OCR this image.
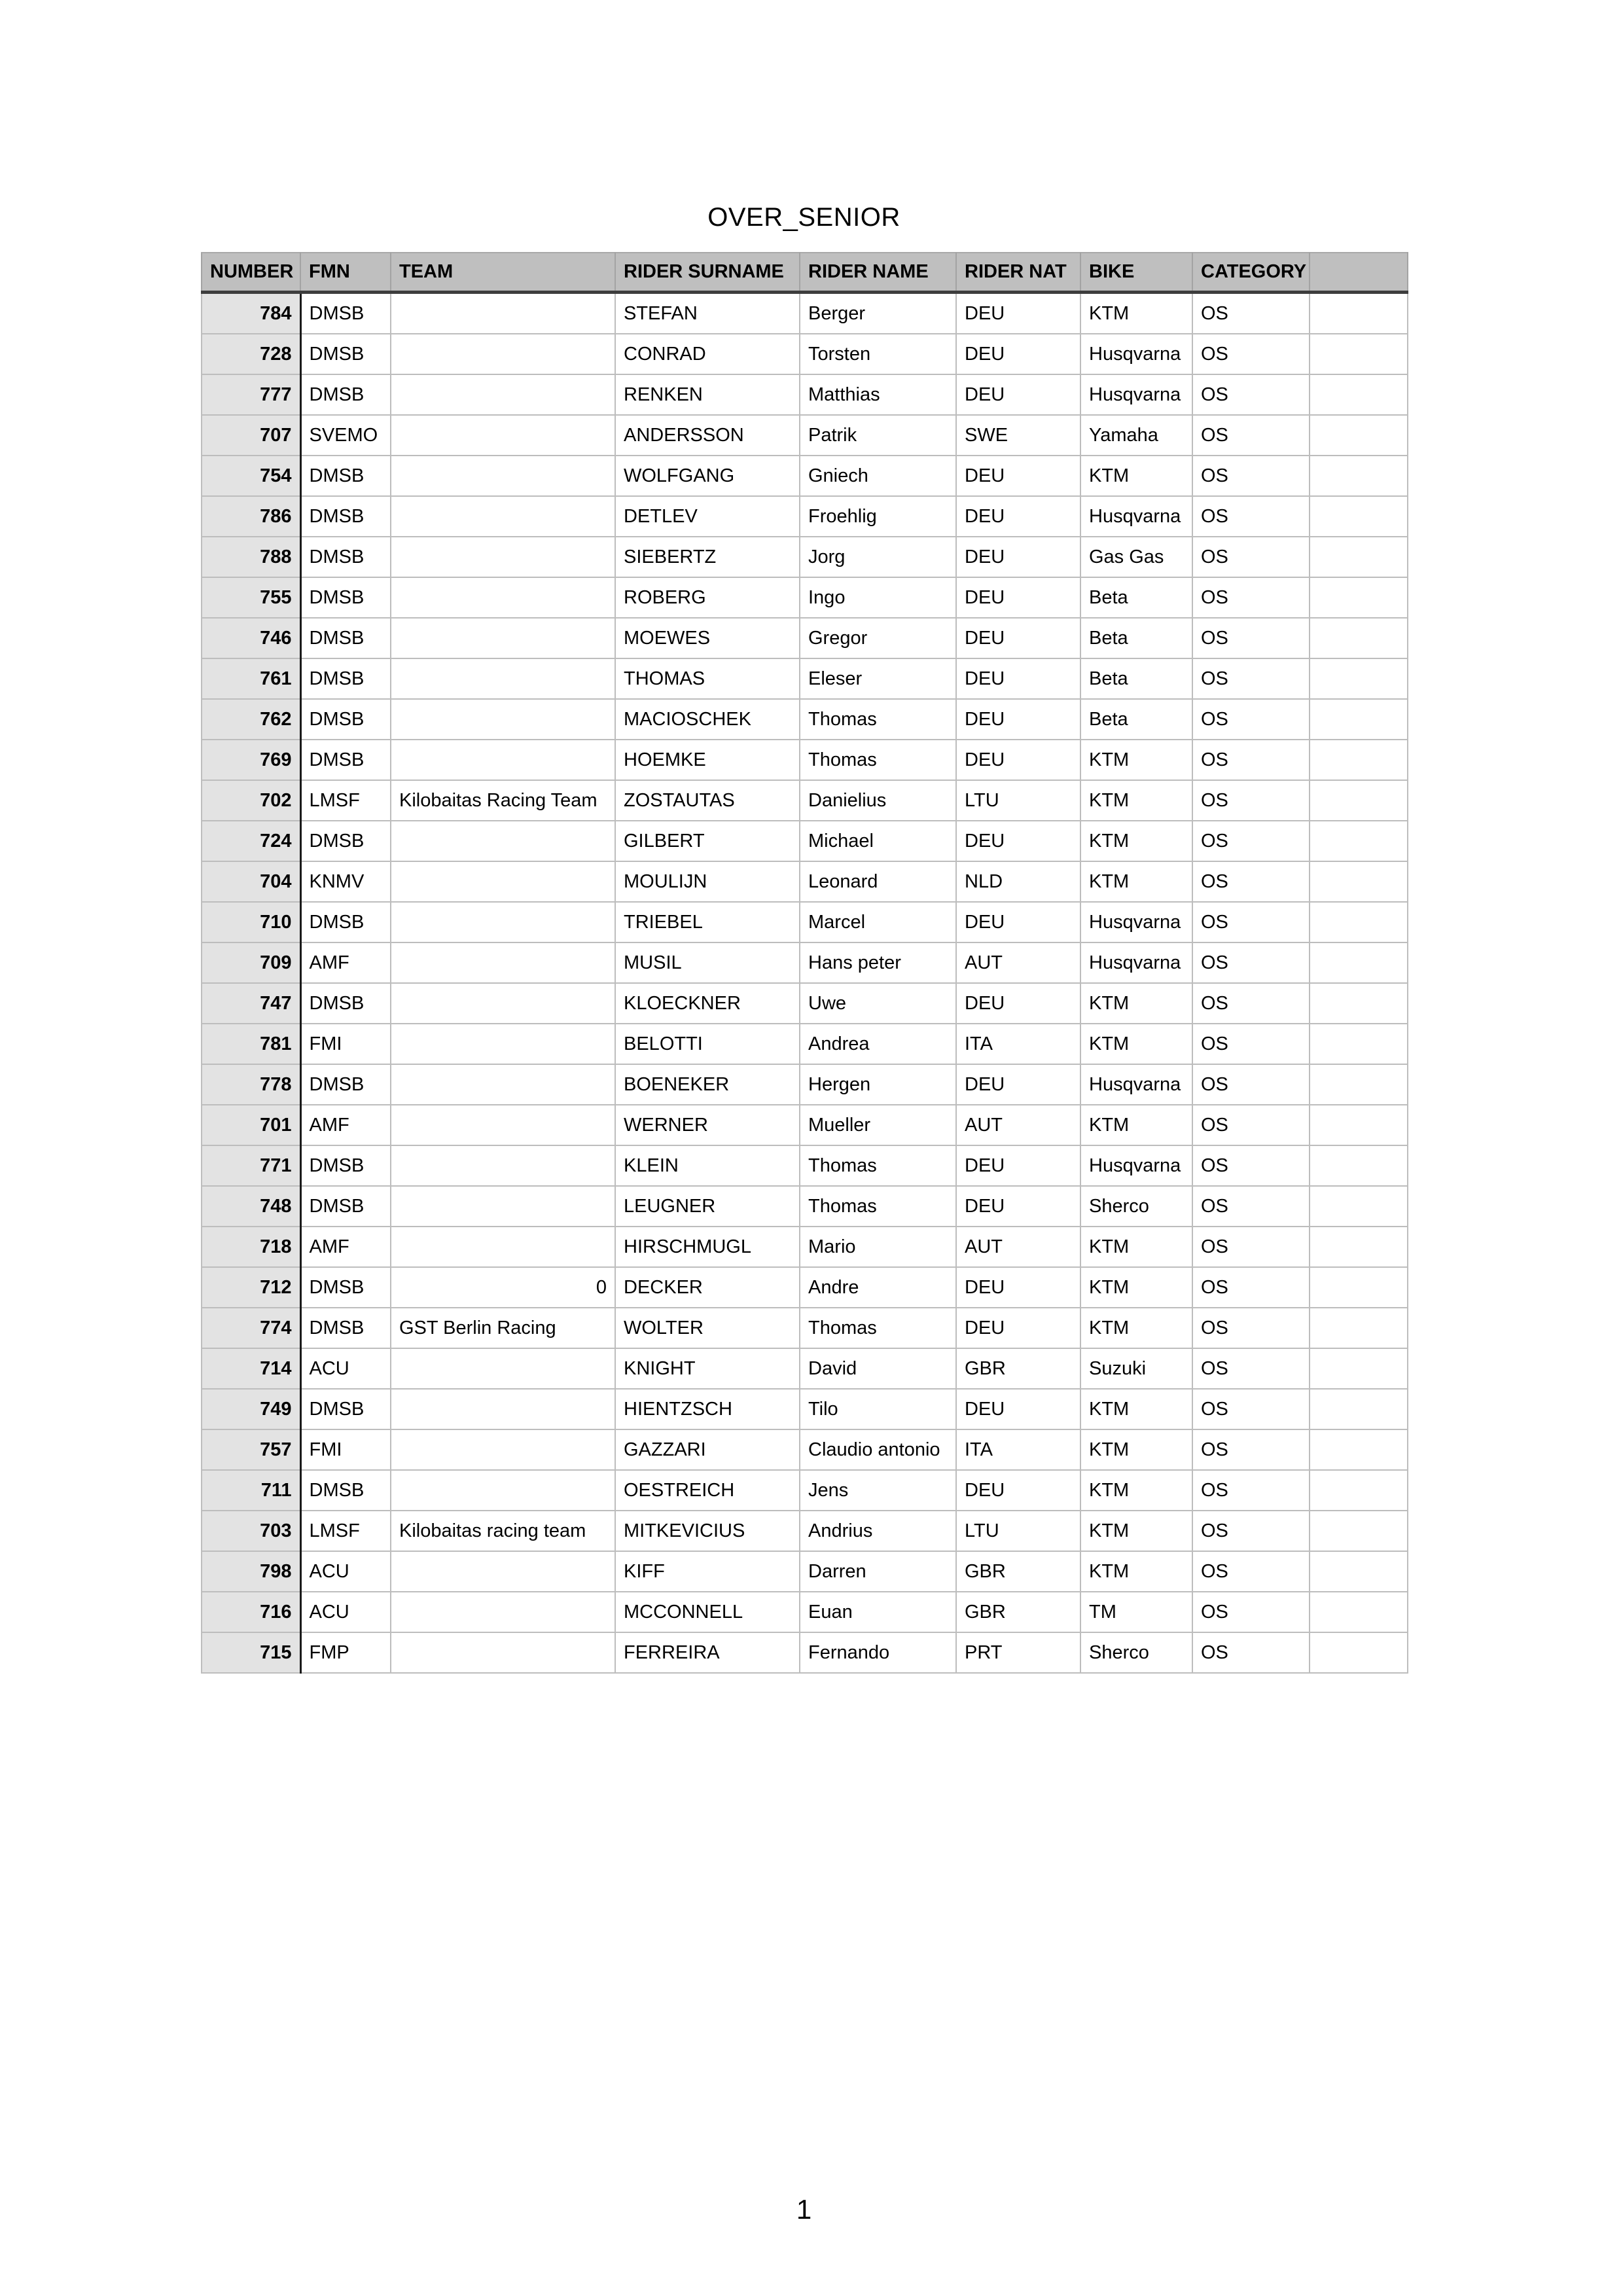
OVER_SENIOR
NUMBER	FMN	TEAM	RIDER SURNAME	RIDER NAME	RIDER NAT	BIKE	CATEGORY	
784	DMSB		STEFAN	Berger	DEU	KTM	OS	
728	DMSB		CONRAD	Torsten	DEU	Husqvarna	OS	
777	DMSB		RENKEN	Matthias	DEU	Husqvarna	OS	
707	SVEMO		ANDERSSON	Patrik	SWE	Yamaha	OS	
754	DMSB		WOLFGANG	Gniech	DEU	KTM	OS	
786	DMSB		DETLEV	Froehlig	DEU	Husqvarna	OS	
788	DMSB		SIEBERTZ	Jorg	DEU	Gas Gas	OS	
755	DMSB		ROBERG	Ingo	DEU	Beta	OS	
746	DMSB		MOEWES	Gregor	DEU	Beta	OS	
761	DMSB		THOMAS	Eleser	DEU	Beta	OS	
762	DMSB		MACIOSCHEK	Thomas	DEU	Beta	OS	
769	DMSB		HOEMKE	Thomas	DEU	KTM	OS	
702	LMSF	Kilobaitas Racing Team	ZOSTAUTAS	Danielius	LTU	KTM	OS	
724	DMSB		GILBERT	Michael	DEU	KTM	OS	
704	KNMV		MOULIJN	Leonard	NLD	KTM	OS	
710	DMSB		TRIEBEL	Marcel	DEU	Husqvarna	OS	
709	AMF		MUSIL	Hans peter	AUT	Husqvarna	OS	
747	DMSB		KLOECKNER	Uwe	DEU	KTM	OS	
781	FMI		BELOTTI	Andrea	ITA	KTM	OS	
778	DMSB		BOENEKER	Hergen	DEU	Husqvarna	OS	
701	AMF		WERNER	Mueller	AUT	KTM	OS	
771	DMSB		KLEIN	Thomas	DEU	Husqvarna	OS	
748	DMSB		LEUGNER	Thomas	DEU	Sherco	OS	
718	AMF		HIRSCHMUGL	Mario	AUT	KTM	OS	
712	DMSB	0	DECKER	Andre	DEU	KTM	OS	
774	DMSB	GST Berlin Racing	WOLTER	Thomas	DEU	KTM	OS	
714	ACU		KNIGHT	David	GBR	Suzuki	OS	
749	DMSB		HIENTZSCH	Tilo	DEU	KTM	OS	
757	FMI		GAZZARI	Claudio antonio	ITA	KTM	OS	
711	DMSB		OESTREICH	Jens	DEU	KTM	OS	
703	LMSF	Kilobaitas racing team	MITKEVICIUS	Andrius	LTU	KTM	OS	
798	ACU		KIFF	Darren	GBR	KTM	OS	
716	ACU		MCCONNELL	Euan	GBR	TM	OS	
715	FMP		FERREIRA	Fernando	PRT	Sherco	OS	
1
